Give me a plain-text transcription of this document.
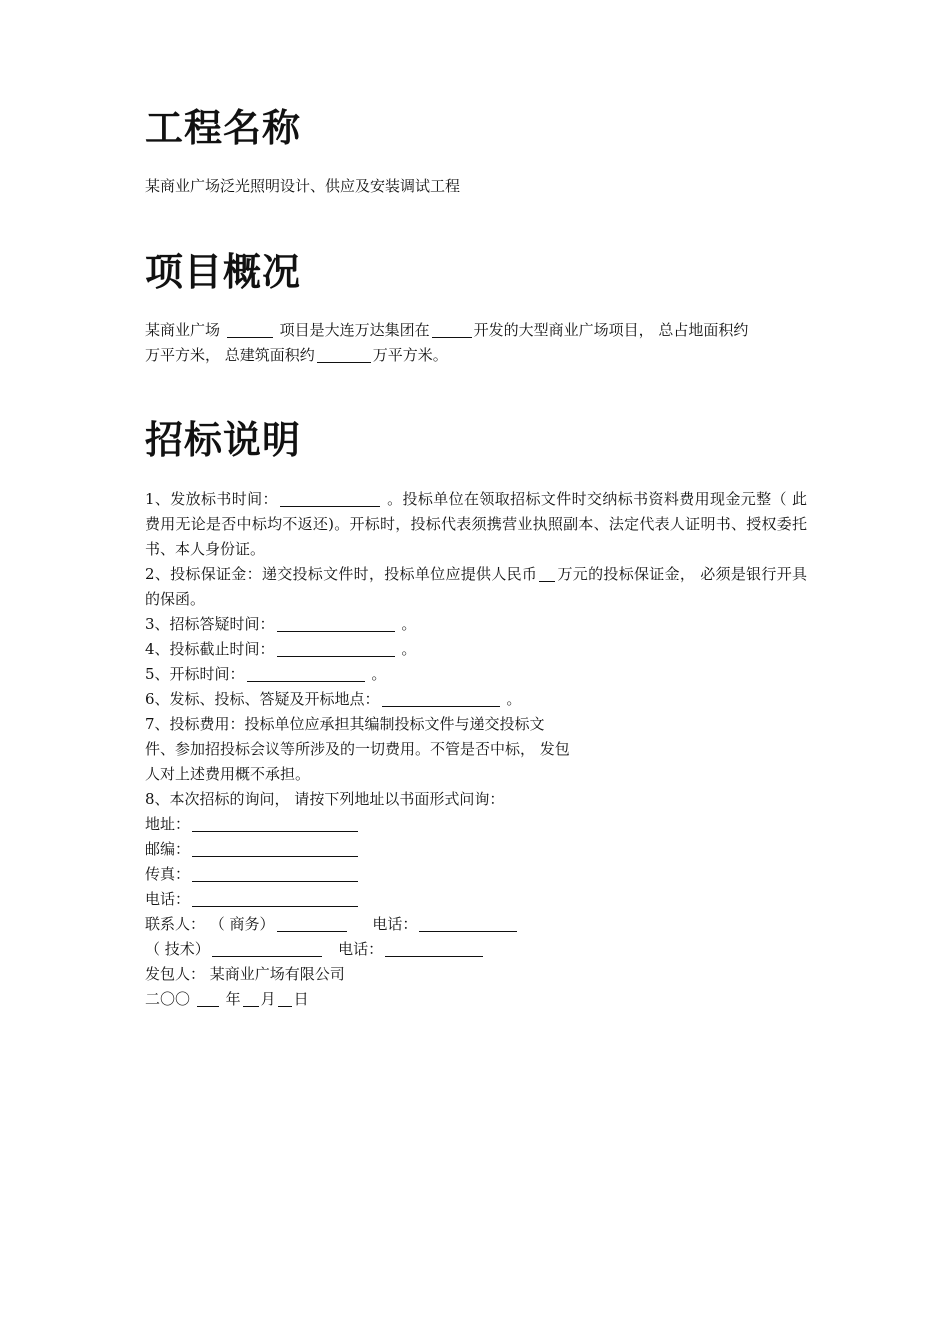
工程名称

某商业广场泛光照明设计、供应及安装调试工程

项目概况

某商业广场	项目是大连万达集团在	开发的大型商业广场项目， 总占地面积约

万平方米， 总建筑面积约	万平方米。

招标说明

1、发放标书时间：	。投标单位在领取招标文件时交纳标书资料费用现金元整（ 此费用无论是否中标均不返还)。开标时，投标代表须携营业执照副本、法定代表人证明书、授权委托书、本人身份证。

2、投标保证金：递交投标文件时，投标单位应提供人民币 万元的投标保证金， 必须是银行开具的保函。

3、招标答疑时间：	。

4、投标截止时间：	。

5、开标时间：	。

6、发标、投标、答疑及开标地点：	。

7、投标费用：投标单位应承担其编制投标文件与递交投标文

件、参加招投标会议等所涉及的一切费用。不管是否中标， 发包

人对上述费用概不承担。

8、本次招标的询问， 请按下列地址以书面形式问询：

地址：

邮编：

传真：

电话：

联系人： （ 商务）	电话：

（ 技术）	电话：

发包人： 某商业广场有限公司

二〇〇 年 月 日
